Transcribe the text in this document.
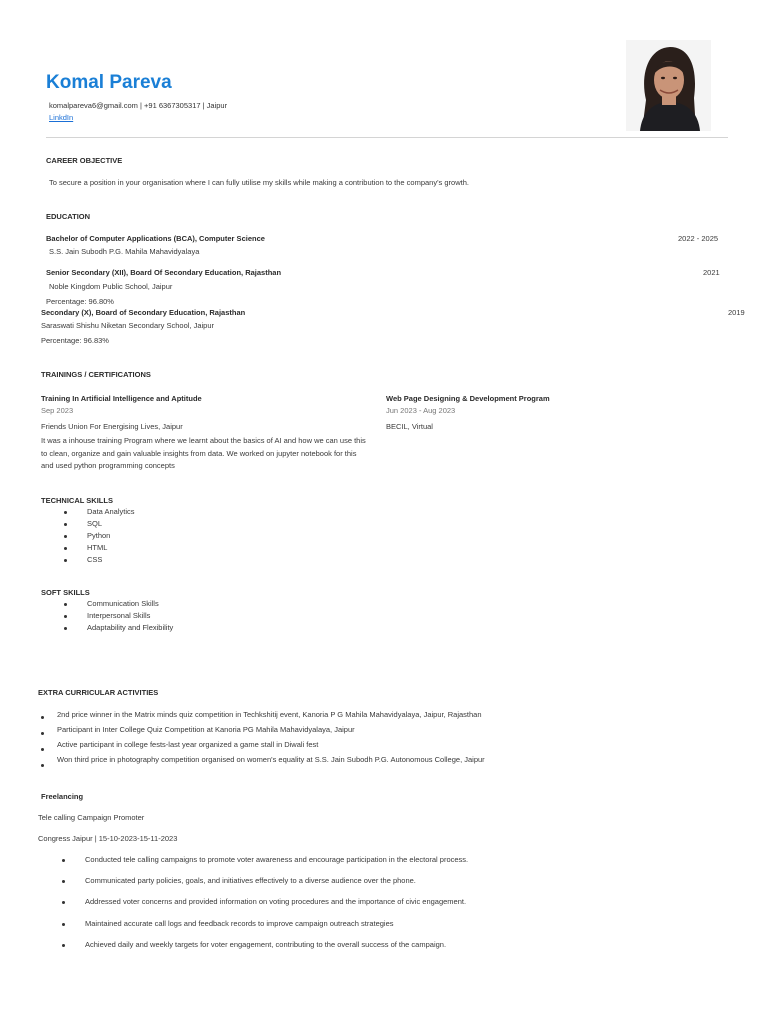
Komal Pareva
komalpareva6@gmail.com | +91 6367305317 | Jaipur
LinkdIn
CAREER OBJECTIVE
To secure a position in your organisation where I can fully utilise my skills while making a contribution to the company's growth.
EDUCATION
Bachelor of Computer Applications (BCA), Computer Science	2022 - 2025
S.S. Jain Subodh P.G. Mahila Mahavidyalaya
Senior Secondary (XII), Board Of Secondary Education, Rajasthan	2021
Noble Kingdom Public School, Jaipur
Percentage: 96.80%
Secondary (X), Board of Secondary Education, Rajasthan	2019
Saraswati Shishu Niketan Secondary School, Jaipur
Percentage: 96.83%
TRAININGS / CERTIFICATIONS
Training In Artificial Intelligence and Aptitude
Sep 2023
Friends Union For Energising Lives, Jaipur
It was a inhouse training Program where we learnt about the basics of AI and how we can use this to clean, organize and gain valuable insights from data. We worked on jupyter notebook for this and used python programming concepts
Web Page Designing & Development Program
Jun 2023 - Aug 2023
BECIL, Virtual
TECHNICAL SKILLS
Data Analytics
SQL
Python
HTML
CSS
SOFT SKILLS
Communication Skills
Interpersonal Skills
Adaptability and Flexibility
EXTRA CURRICULAR ACTIVITIES
2nd price winner in the Matrix minds quiz competition in Techkshitij event, Kanoria P G Mahila Mahavidyalaya, Jaipur, Rajasthan
Participant in Inter College Quiz Competition at Kanoria PG Mahila Mahavidyalaya, Jaipur
Active participant in college fests-last year organized a game stall in Diwali fest
Won third price in photography competition organised on women's equality at S.S. Jain Subodh P.G. Autonomous College, Jaipur
Freelancing
Tele calling Campaign Promoter
Congress Jaipur | 15-10-2023-15-11-2023
Conducted tele calling campaigns to promote voter awareness and encourage participation in the electoral process.
Communicated party policies, goals, and initiatives effectively to a diverse audience over the phone.
Addressed voter concerns and provided information on voting procedures and the importance of civic engagement.
Maintained accurate call logs and feedback records to improve campaign outreach strategies
Achieved daily and weekly targets for voter engagement, contributing to the overall success of the campaign.
